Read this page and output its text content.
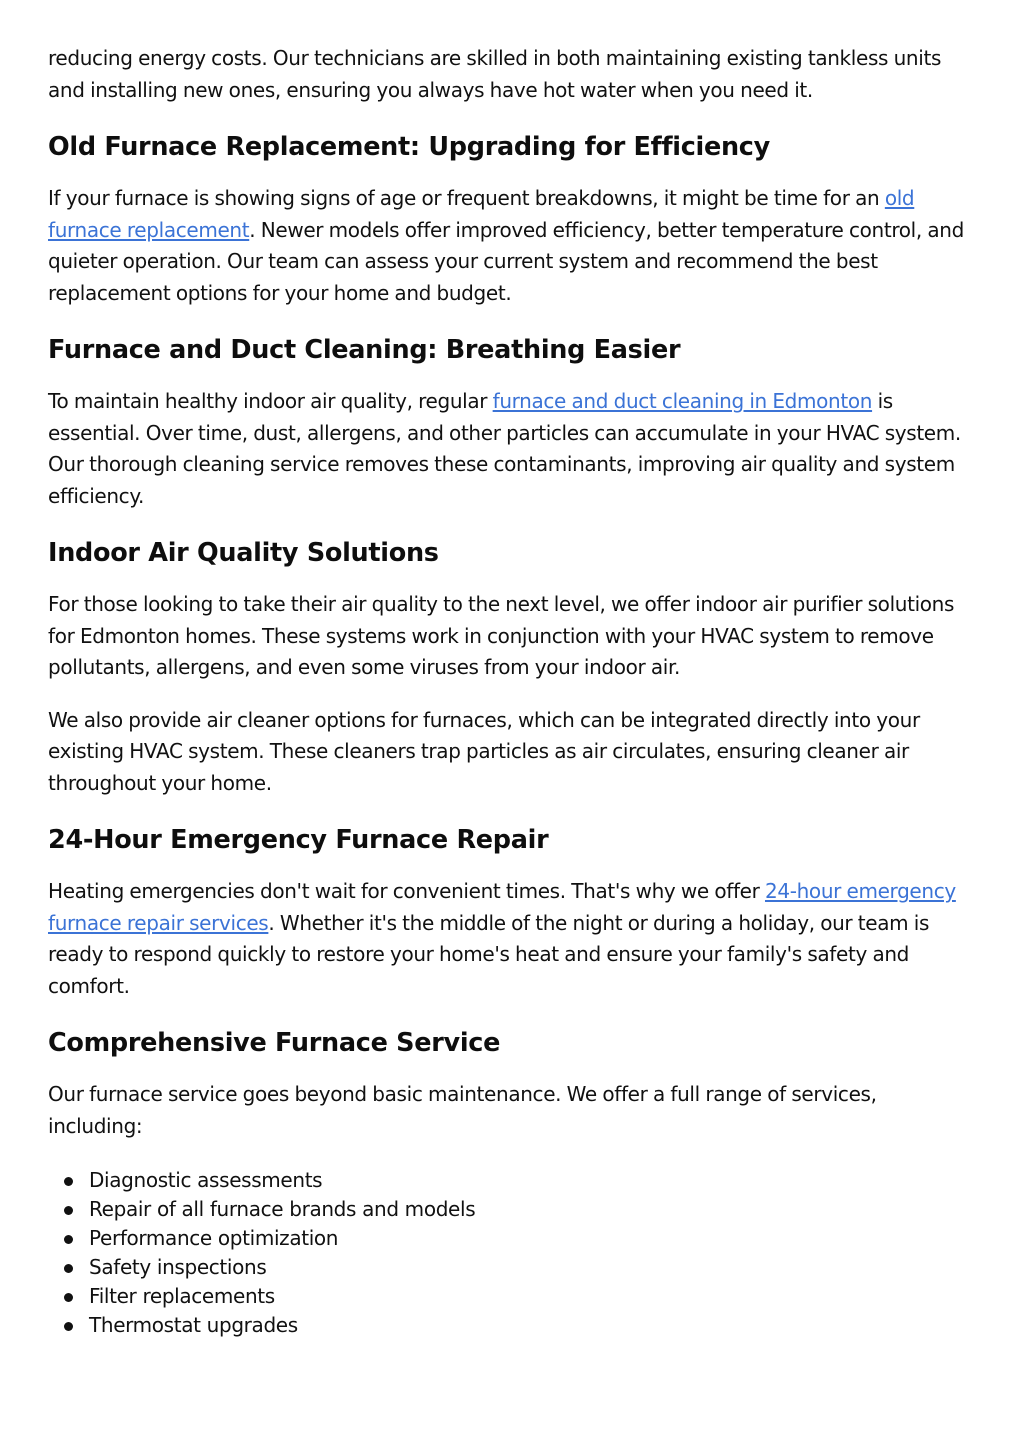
reducing energy costs. Our technicians are skilled in both maintaining existing tankless units and installing new ones, ensuring you always have hot water when you need it.

Old Furnace Replacement: Upgrading for Efficiency

If your furnace is showing signs of age or frequent breakdowns, it might be time for an old furnace replacement. Newer models offer improved efficiency, better temperature control, and quieter operation. Our team can assess your current system and recommend the best replacement options for your home and budget.

Furnace and Duct Cleaning: Breathing Easier

To maintain healthy indoor air quality, regular furnace and duct cleaning in Edmonton is essential. Over time, dust, allergens, and other particles can accumulate in your HVAC system. Our thorough cleaning service removes these contaminants, improving air quality and system efficiency.

Indoor Air Quality Solutions

For those looking to take their air quality to the next level, we offer indoor air purifier solutions for Edmonton homes. These systems work in conjunction with your HVAC system to remove pollutants, allergens, and even some viruses from your indoor air.

We also provide air cleaner options for furnaces, which can be integrated directly into your existing HVAC system. These cleaners trap particles as air circulates, ensuring cleaner air throughout your home.

24-Hour Emergency Furnace Repair

Heating emergencies don't wait for convenient times. That's why we offer 24-hour emergency furnace repair services. Whether it's the middle of the night or during a holiday, our team is ready to respond quickly to restore your home's heat and ensure your family's safety and comfort.

Comprehensive Furnace Service

Our furnace service goes beyond basic maintenance. We offer a full range of services, including:

Diagnostic assessments
Repair of all furnace brands and models
Performance optimization
Safety inspections
Filter replacements
Thermostat upgrades
